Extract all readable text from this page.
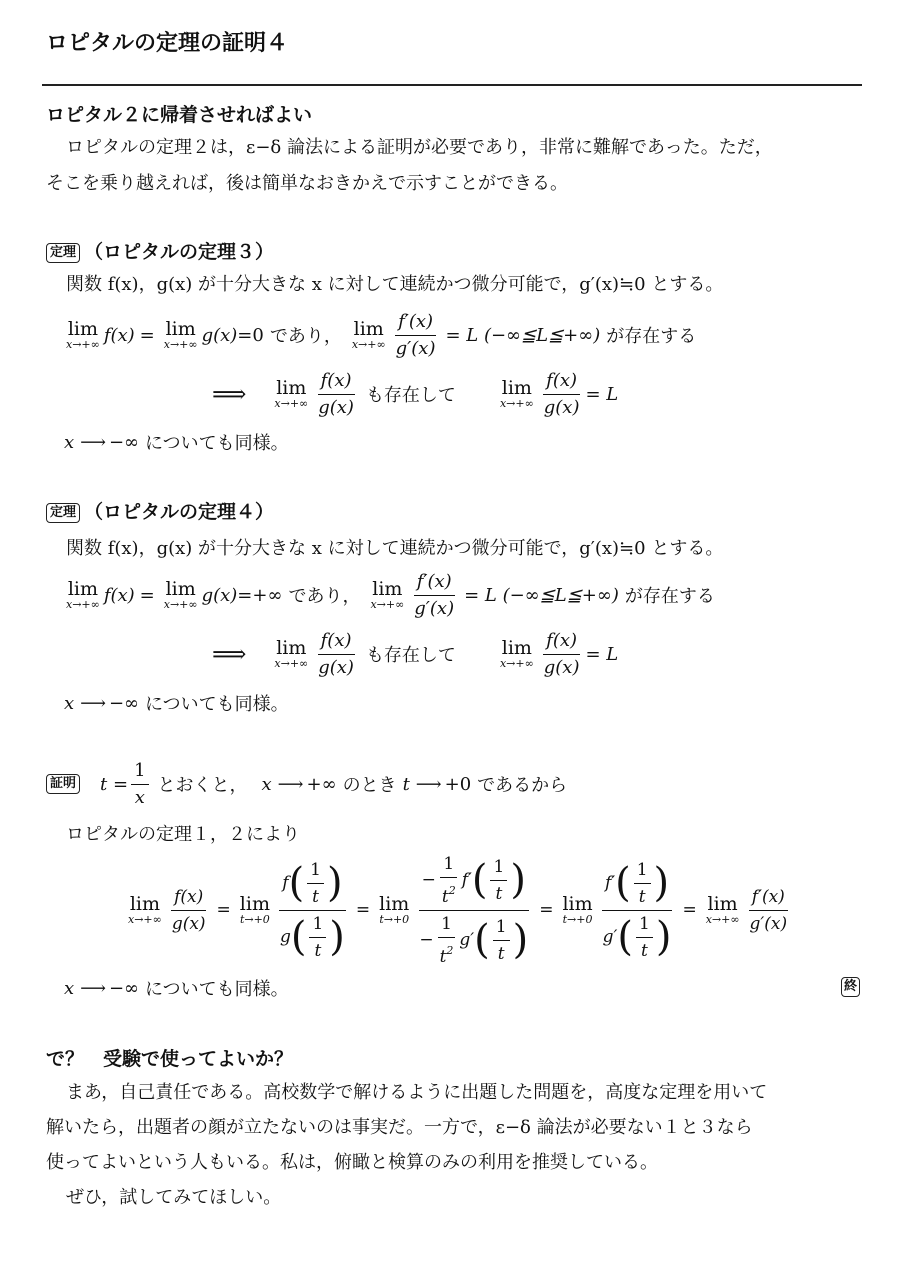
ロピタルの定理の証明４
ロピタル２に帰着させればよい
ロピタルの定理２は，ε−δ 論法による証明が必要であり，非常に難解であった。ただ，
そこを乗り越えれば，後は簡単なおきかえで示すことができる。
定理 （ロピタルの定理３）
関数 f(x)，g(x) が十分大きな x に対して連続かつ微分可能で，g′(x)≒0 とする。
lim
x→+∞ f(x) = lim
x→+∞ g(x) =0 であり， lim
$x\to+\infty \frac{f'(x)}{g'(x)} = L$ (−∞≦L≦+∞) が存在する
⟹ lim
$x\to+\infty \frac{f(x)}{g(x)}$ も存在して lim
$x\to+\infty \frac{f(x)}{g(x)} = L$
x ⟶ −∞ についても同様。
定理 （ロピタルの定理４）
関数 f(x)，g(x) が十分大きな x に対して連続かつ微分可能で，g′(x)≒0 とする。
lim
x→+∞ f(x) = lim
x→+∞ g(x) =+∞ であり， lim
$x\to+\infty \frac{f'(x)}{g'(x)} = L$ (−∞≦L≦+∞) が存在する
⟹ lim
$x\to+\infty \frac{f(x)}{g(x)}$ も存在して lim
$x\to+\infty \frac{f(x)}{g(x)} = L$
x ⟶ −∞ についても同様。
証明 $t = \frac{1}{x}$ とおくと， x ⟶ +∞ のとき t ⟶ +0 であるから
ロピタルの定理１，２により
lim
$x\to+\infty \frac{f(x)}{g(x)} = \lim$
$t\to+0 \frac{f ( \frac{1}{t} )}{g ( \frac{1}{t} )} = \lim$
$t\to+0 \frac{- \frac{1}{t^2} f' ( \frac{1}{t} )}{- \frac{1}{t^2} g' ( \frac{1}{t} )} = \lim$
$t\to+0 \frac{f' ( \frac{1}{t} )}{g' ( \frac{1}{t} )} = \lim$
$x\to+\infty \frac{f'(x)}{g'(x)}$
x ⟶ −∞ についても同様。	終
で？　受験で使ってよいか？
まあ，自己責任である。高校数学で解けるように出題した問題を，高度な定理を用いて
解いたら，出題者の顔が立たないのは事実だ。一方で，ε−δ 論法が必要ない１と３なら
使ってよいという人もいる。私は，俯瞰と検算のみの利用を推奨している。
ぜひ，試してみてほしい。
